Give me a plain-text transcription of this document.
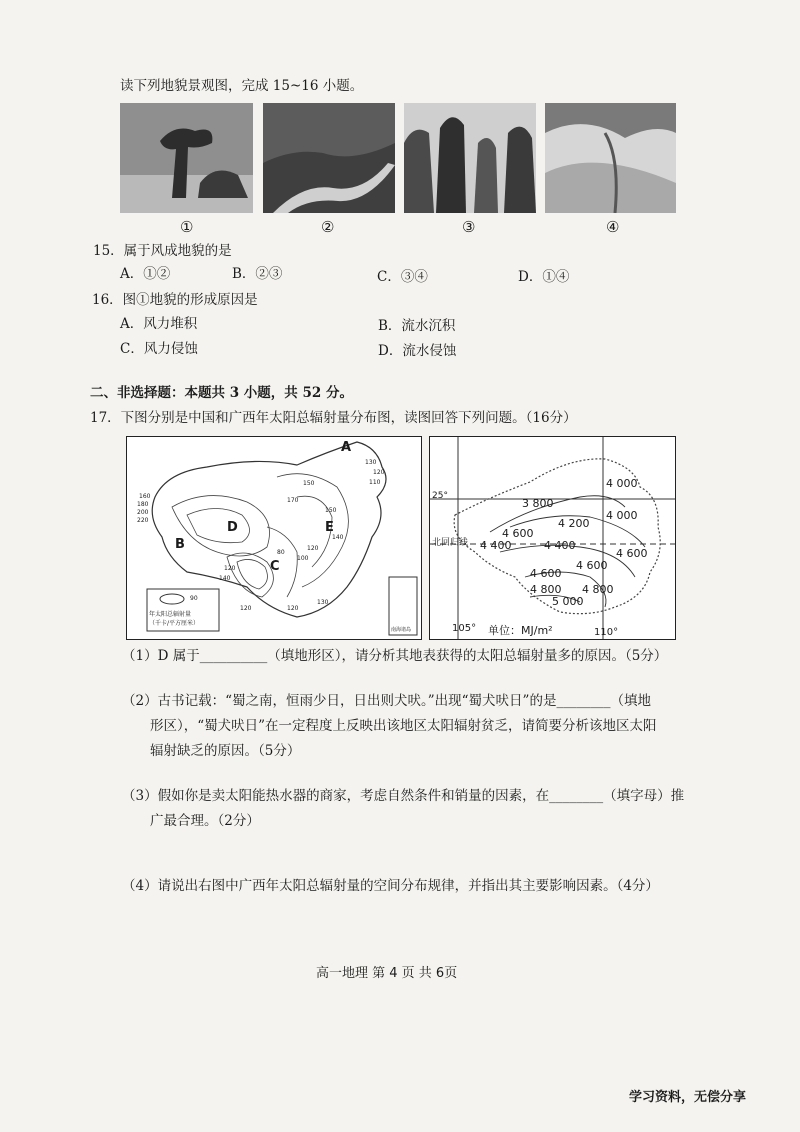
读下列地貌景观图，完成 15~16 小题。
①	②	③	④
15．属于风成地貌的是
A．①②	B．②③	C．③④	D．①④
16．图①地貌的形成原因是
A．风力堆积	B．流水沉积
C．风力侵蚀	D．流水侵蚀
二、非选择题：本题共 3 小题，共 52 分。
17．下图分别是中国和广西年太阳总辐射量分布图，读图回答下列问题。（16分）
A
B
C
D	E
130
120
110
150
160
180
200
220
170
150
140
120
100
80
120
140
120	120
130
90
年太阳总辐射量
（千卡/平方厘米）
南海诸岛
25°
北回归线
4 000
3 800
4 000
4 200
4 600
4 400	4 400
4 600
4 600
4 600
4 800 4 800
5 000
105° 单位：MJ/m²	110°
（1）D 属于__________（填地形区），请分析其地表获得的太阳总辐射量多的原因。（5分）
（2）古书记载：“蜀之南，恒雨少日，日出则犬吠。”出现“蜀犬吠日”的是________（填地
形区），“蜀犬吠日”在一定程度上反映出该地区太阳辐射贫乏，请简要分析该地区太阳
辐射缺乏的原因。（5分）
（3）假如你是卖太阳能热水器的商家，考虑自然条件和销量的因素，在________（填字母）推
广最合理。（2分）
（4）请说出右图中广西年太阳总辐射量的空间分布规律，并指出其主要影响因素。（4分）
高一地理 第 4 页 共 6页
学习资料，无偿分享
